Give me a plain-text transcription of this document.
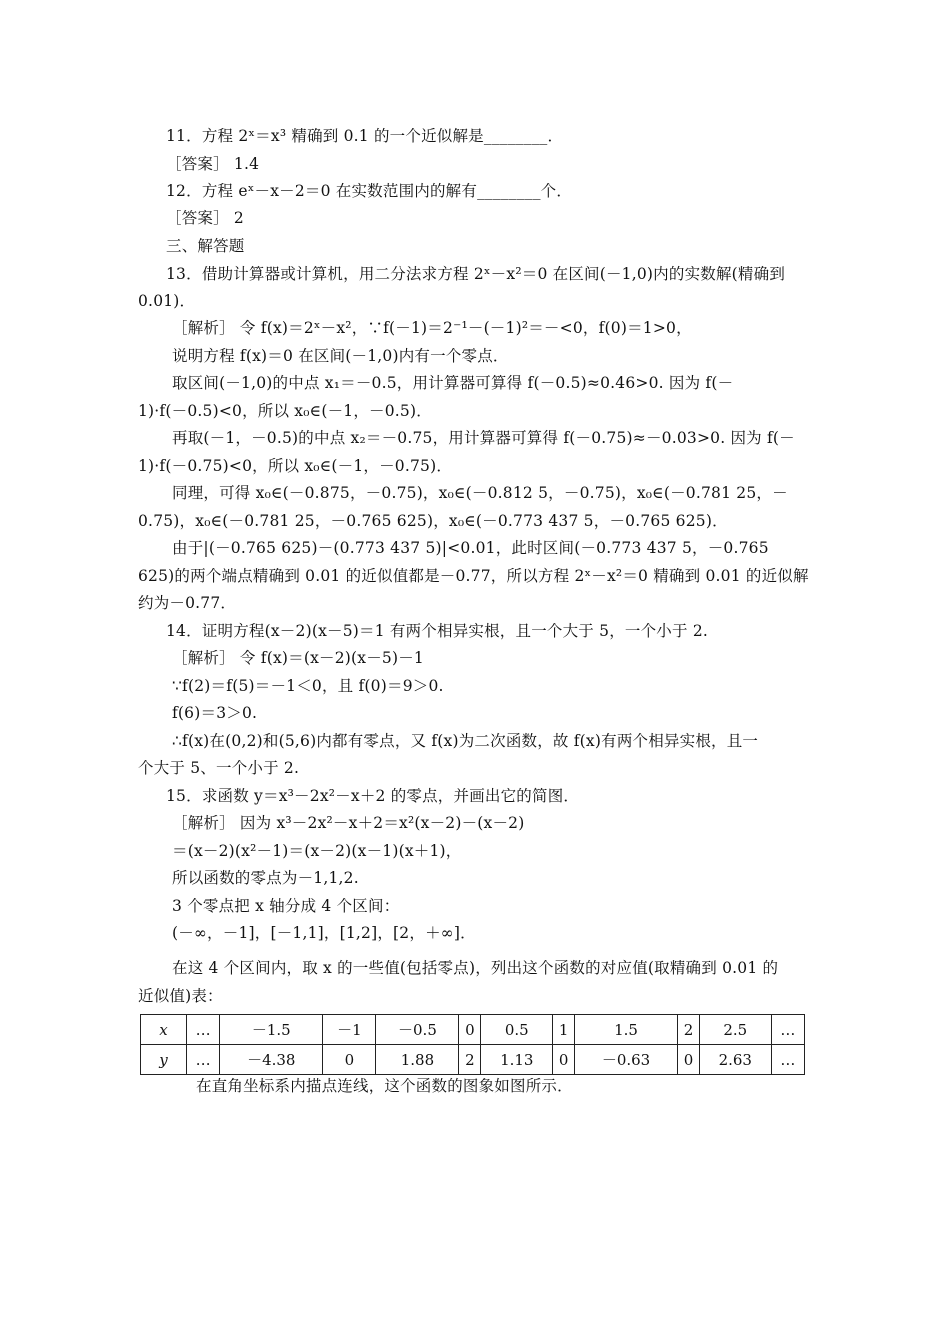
11．方程 2ˣ＝x³ 精确到 0.1 的一个近似解是________．
［答案］ 1.4
12．方程 eˣ－x－2＝0 在实数范围内的解有________个．
［答案］ 2
三、解答题
13．借助计算器或计算机，用二分法求方程 2ˣ－x²＝0 在区间(－1,0)内的实数解(精确到
0.01)．
［解析］ 令 f(x)＝2ˣ－x²，∵f(－1)＝2⁻¹－(－1)²＝－<0，f(0)＝1>0，
说明方程 f(x)＝0 在区间(－1,0)内有一个零点．
取区间(－1,0)的中点 x₁＝－0.5，用计算器可算得 f(－0.5)≈0.46>0. 因为 f(－
1)·f(－0.5)<0，所以 x₀∈(－1，－0.5)．
再取(－1，－0.5)的中点 x₂＝－0.75，用计算器可算得 f(－0.75)≈－0.03>0. 因为 f(－
1)·f(－0.75)<0，所以 x₀∈(－1，－0.75)．
同理，可得 x₀∈(－0.875，－0.75)，x₀∈(－0.812 5，－0.75)，x₀∈(－0.781 25，－
0.75)，x₀∈(－0.781 25，－0.765 625)，x₀∈(－0.773 437 5，－0.765 625)．
由于|(－0.765 625)－(0.773 437 5)|<0.01，此时区间(－0.773 437 5，－0.765
625)的两个端点精确到 0.01 的近似值都是－0.77，所以方程 2ˣ－x²＝0 精确到 0.01 的近似解
约为－0.77．
14．证明方程(x－2)(x－5)＝1 有两个相异实根，且一个大于 5，一个小于 2.
［解析］ 令 f(x)＝(x－2)(x－5)－1
∵f(2)＝f(5)＝－1＜0，且 f(0)＝9＞0.
f(6)＝3＞0.
∴f(x)在(0,2)和(5,6)内都有零点，又 f(x)为二次函数，故 f(x)有两个相异实根，且一
个大于 5、一个小于 2.
15．求函数 y＝x³－2x²－x＋2 的零点，并画出它的简图．
［解析］ 因为 x³－2x²－x＋2＝x²(x－2)－(x－2)
＝(x－2)(x²－1)＝(x－2)(x－1)(x＋1)，
所以函数的零点为－1,1,2.
3 个零点把 x 轴分成 4 个区间：
(－∞，－1]，[－1,1]，[1,2]，[2，＋∞]．
在这 4 个区间内，取 x 的一些值(包括零点)，列出这个函数的对应值(取精确到 0.01 的
近似值)表：
x	…	－1.5	－1	－0.5	0	0.5	1	1.5	2	2.5	…
y	…	－4.38	0	1.88	2	1.13	0	－0.63	0	2.63	…
在直角坐标系内描点连线，这个函数的图象如图所示．
